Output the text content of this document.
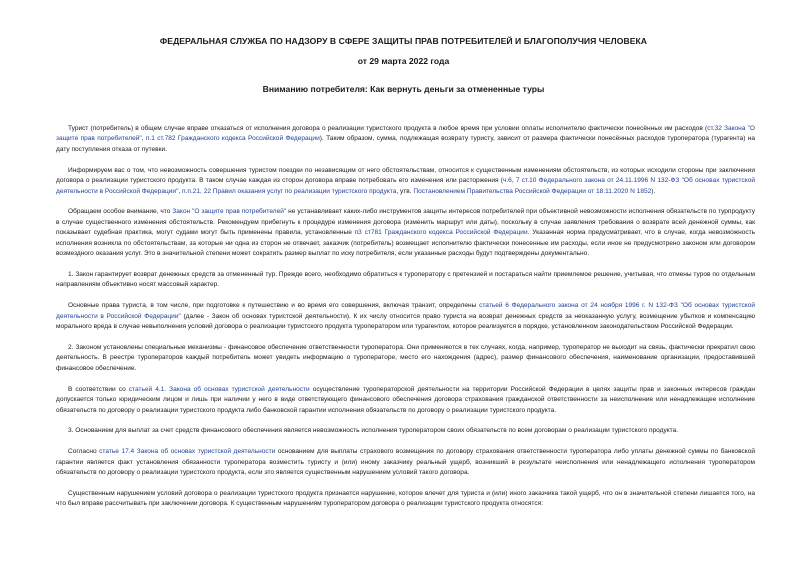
ФЕДЕРАЛЬНАЯ СЛУЖБА ПО НАДЗОРУ В СФЕРЕ ЗАЩИТЫ ПРАВ ПОТРЕБИТЕЛЕЙ И БЛАГОПОЛУЧИЯ ЧЕЛОВЕКА
от 29 марта 2022 года
Вниманию потребителя: Как вернуть деньги за отмененные туры

Турист (потребитель) в общем случае вправе отказаться от исполнения договора о реализации туристского продукта в любое время при условии оплаты исполнителю фактически понесённых им расходов (ст.32 Закона "О защите прав потребителей", п.1 ст.782 Гражданского кодекса Российской Федерации). Таким образом, сумма, подлежащая возврату туристу, зависит от размера фактически понесённых расходов туроператора (турагента) на дату поступления отказа от путевки.

Информируем вас о том, что невозможность совершения туристом поездки по независящим от него обстоятельствам, относится к существенным изменениям обстоятельств, из которых исходили стороны при заключении договора о реализации туристского продукта. В таком случае каждая из сторон договора вправе потребовать его изменения или расторжения (ч.6, 7 ст.10 Федерального закона от 24.11.1996 N 132-ФЗ "Об основах туристской деятельности в Российской Федерации", п.п.21, 22 Правил оказания услуг по реализации туристского продукта, утв. Постановлением Правительства Российской Федерации от 18.11.2020 N 1852).

Обращаем особое внимание, что Закон "О защите прав потребителей" не устанавливает каких-либо инструментов защиты интересов потребителей при объективной невозможности исполнения обязательств по турпродукту в случае существенного изменения обстоятельств. Рекомендуем прибегнуть к процедуре изменения договора (изменить маршрут или даты), поскольку в случае заявления требования о возврате всей денежной суммы, как показывает судебная практика, могут судами могут быть применены правила, установленные п3 ст781 Гражданского кодекса Российской Федерации. Указанная норма предусматривает, что в случае, когда невозможность исполнения возникла по обстоятельствам, за которые ни одна из сторон не отвечает, заказчик (потребитель) возмещает исполнителю фактически понесенные им расходы, если иное не предусмотрено законом или договором возмездного оказания услуг. Это в значительной степени может сократить размер выплат по иску потребителя, если указанные расходы будут подтверждены документально.

1. Закон гарантирует возврат денежных средств за отмененный тур. Прежде всего, необходимо обратиться к туроператору с претензией и постараться найти приемлемое решение, учитывая, что отмены туров по отдельным направлениям объективно носят массовый характер.

Основные права туриста, в том числе, при подготовке к путешествию и во время его совершения, включая транзит, определены статьей 6 Федерального закона от 24 ноября 1996 г. N 132-ФЗ "Об основах туристской деятельности в Российской Федерации" (далее - Закон об основах туристской деятельности). К их числу относится право туриста на возврат денежных средств за неоказанную услугу, возмещение убытков и компенсацию морального вреда в случае невыполнения условий договора о реализации туристского продукта туроператором или турагентом, которое реализуется в порядке, установленном законодательством Российской Федерации.

2. Законом установлены специальные механизмы - финансовое обеспечение ответственности туроператора. Они применяются в тех случаях, когда, например, туроператор не выходит на связь, фактически прекратил свою деятельность. В реестре туроператоров каждый потребитель может увидеть информацию о туроператоре, место его нахождения (адрес), размер финансового обеспечения, наименование организации, предоставившей финансовое обеспечение.

В соответствии со статьей 4.1. Закона об основах туристской деятельности осуществление туроператорской деятельности на территории Российской Федерации в целях защиты прав и законных интересов граждан допускается только юридическим лицом и лишь при наличии у него в виде ответствующего финансового обеспечения договора страхования гражданской ответственности за неисполнение или ненадлежащее исполнение обязательств по договору о реализации туристского продукта либо банковской гарантии исполнения обязательств по договору о реализации туристского продукта.

3. Основанием для выплат за счет средств финансового обеспечения является невозможность исполнения туроператором своих обязательств по всем договорам о реализации туристского продукта.

Согласно статье 17.4 Закона об основах туристской деятельности основанием для выплаты страхового возмещения по договору страхования ответственности туроператора либо уплаты денежной суммы по банковской гарантии является факт установления обязанности туроператора возместить туристу и (или) иному заказчику реальный ущерб, возникший в результате неисполнения или ненадлежащего исполнения туроператором обязательств по договору о реализации туристского продукта, если это является существенным нарушением условий такого договора.

Существенным нарушением условий договора о реализации туристского продукта признается нарушение, которое влечет для туриста и (или) иного заказчика такой ущерб, что он в значительной степени лишается того, на что был вправе рассчитывать при заключении договора. К существенным нарушениям туроператором договора о реализации туристского продукта относятся:
